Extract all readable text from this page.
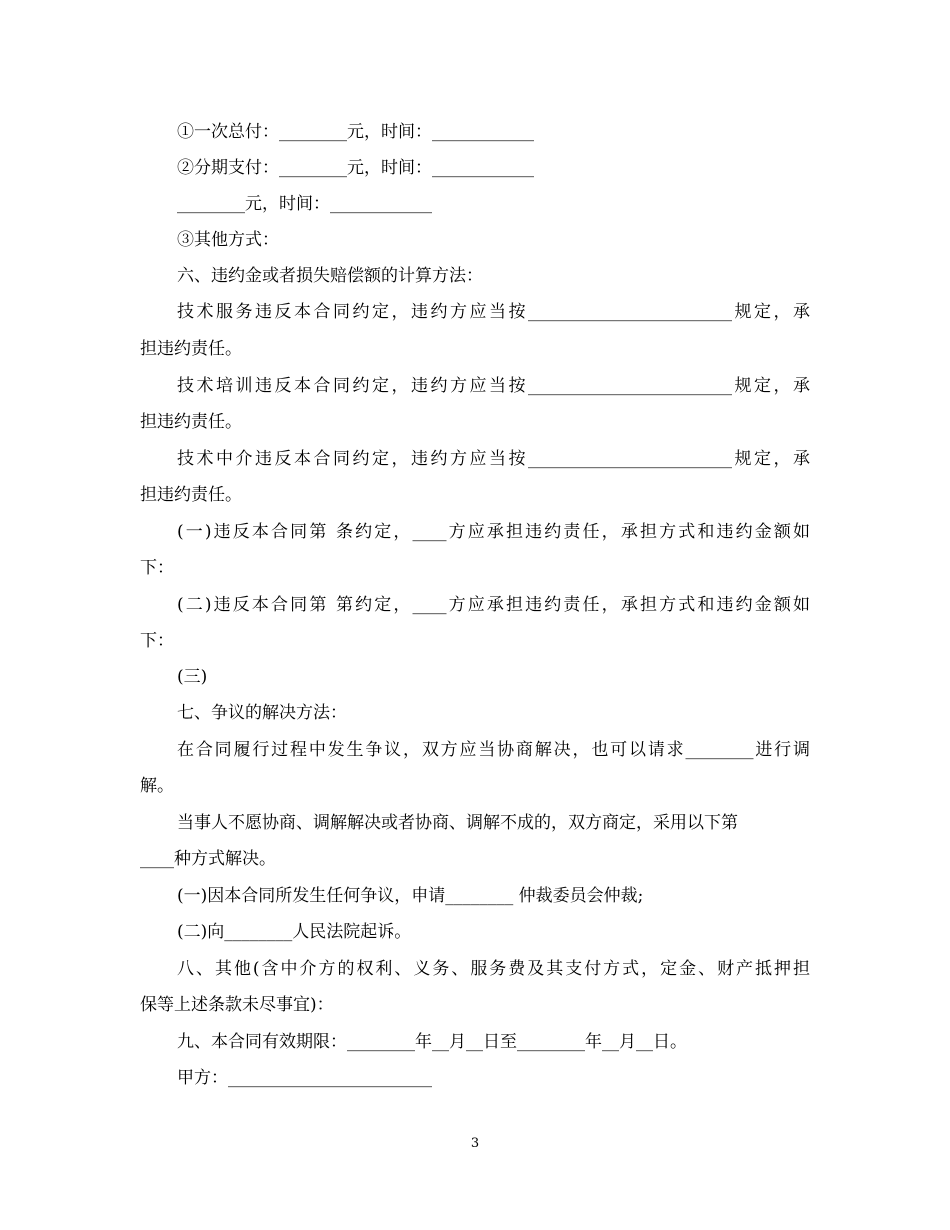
①一次总付：________元，时间：____________
②分期支付：________元，时间：____________
________元，时间：____________
③其他方式：
六、违约金或者损失赔偿额的计算方法：
技术服务违反本合同约定，违约方应当按________________________规定，承
担违约责任。
技术培训违反本合同约定，违约方应当按________________________规定，承
担违约责任。
技术中介违反本合同约定，违约方应当按________________________规定，承
担违约责任。
(一)违反本合同第 条约定，____方应承担违约责任，承担方式和违约金额如
下：
(二)违反本合同第 第约定，____方应承担违约责任，承担方式和违约金额如
下：
(三)
七、争议的解决方法：
在合同履行过程中发生争议，双方应当协商解决，也可以请求________进行调
解。
当事人不愿协商、调解解决或者协商、调解不成的，双方商定，采用以下第
____种方式解决。
(一)因本合同所发生任何争议，申请________ 仲裁委员会仲裁;
(二)向________人民法院起诉。
八、其他(含中介方的权利、义务、服务费及其支付方式，定金、财产抵押担
保等上述条款未尽事宜)：
九、本合同有效期限：________年__月__日至________年__月__日。
甲方：________________________
3
